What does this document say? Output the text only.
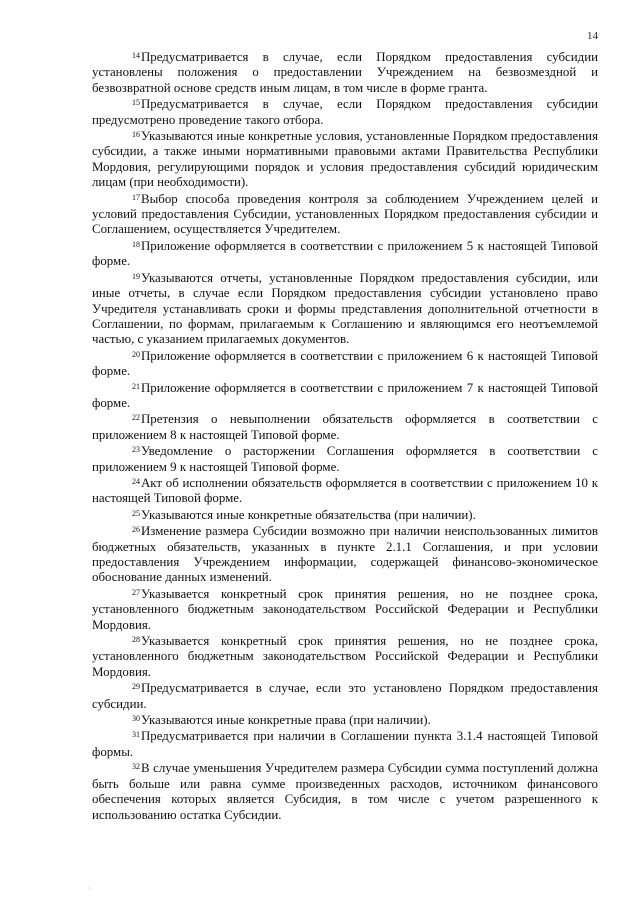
14

$^{14}$Предусматривается в случае, если Порядком предоставления субсидии установлены положения о предоставлении Учреждением на безвозмездной и безвозвратной основе средств иным лицам, в том числе в форме гранта.

$^{15}$Предусматривается в случае, если Порядком предоставления субсидии предусмотрено проведение такого отбора.

$^{16}$Указываются иные конкретные условия, установленные Порядком предоставления субсидии, а также иными нормативными правовыми актами Правительства Республики Мордовия, регулирующими порядок и условия предоставления субсидий юридическим лицам (при необходимости).

$^{17}$Выбор способа проведения контроля за соблюдением Учреждением целей и условий предоставления Субсидии, установленных Порядком предоставления субсидии и Соглашением, осуществляется Учредителем.

$^{18}$Приложение оформляется в соответствии с приложением 5 к настоящей Типовой форме.

$^{19}$Указываются отчеты, установленные Порядком предоставления субсидии, или иные отчеты, в случае если Порядком предоставления субсидии установлено право Учредителя устанавливать сроки и формы представления дополнительной отчетности в Соглашении, по формам, прилагаемым к Соглашению и являющимся его неотъемлемой частью, с указанием прилагаемых документов.

$^{20}$Приложение оформляется в соответствии с приложением 6 к настоящей Типовой форме.

$^{21}$Приложение оформляется в соответствии с приложением 7 к настоящей Типовой форме.

$^{22}$Претензия о невыполнении обязательств оформляется в соответствии с приложением 8 к настоящей Типовой форме.

$^{23}$Уведомление о расторжении Соглашения оформляется в соответствии с приложением 9 к настоящей Типовой форме.

$^{24}$Акт об исполнении обязательств оформляется в соответствии с приложением 10 к настоящей Типовой форме.

$^{25}$Указываются иные конкретные обязательства (при наличии).

$^{26}$Изменение размера Субсидии возможно при наличии неиспользованных лимитов бюджетных обязательств, указанных в пункте 2.1.1 Соглашения, и при условии предоставления Учреждением информации, содержащей финансово-экономическое обоснование данных изменений.

$^{27}$Указывается конкретный срок принятия решения, но не позднее срока, установленного бюджетным законодательством Российской Федерации и Республики Мордовия.

$^{28}$Указывается конкретный срок принятия решения, но не позднее срока, установленного бюджетным законодательством Российской Федерации и Республики Мордовия.

$^{29}$Предусматривается в случае, если это установлено Порядком предоставления субсидии.

$^{30}$Указываются иные конкретные права (при наличии).

$^{31}$Предусматривается при наличии в Соглашении пункта 3.1.4 настоящей Типовой формы.

$^{32}$В случае уменьшения Учредителем размера Субсидии сумма поступлений должна быть больше или равна сумме произведенных расходов, источником финансового обеспечения которых является Субсидия, в том числе с учетом разрешенного к использованию остатка Субсидии.

·
